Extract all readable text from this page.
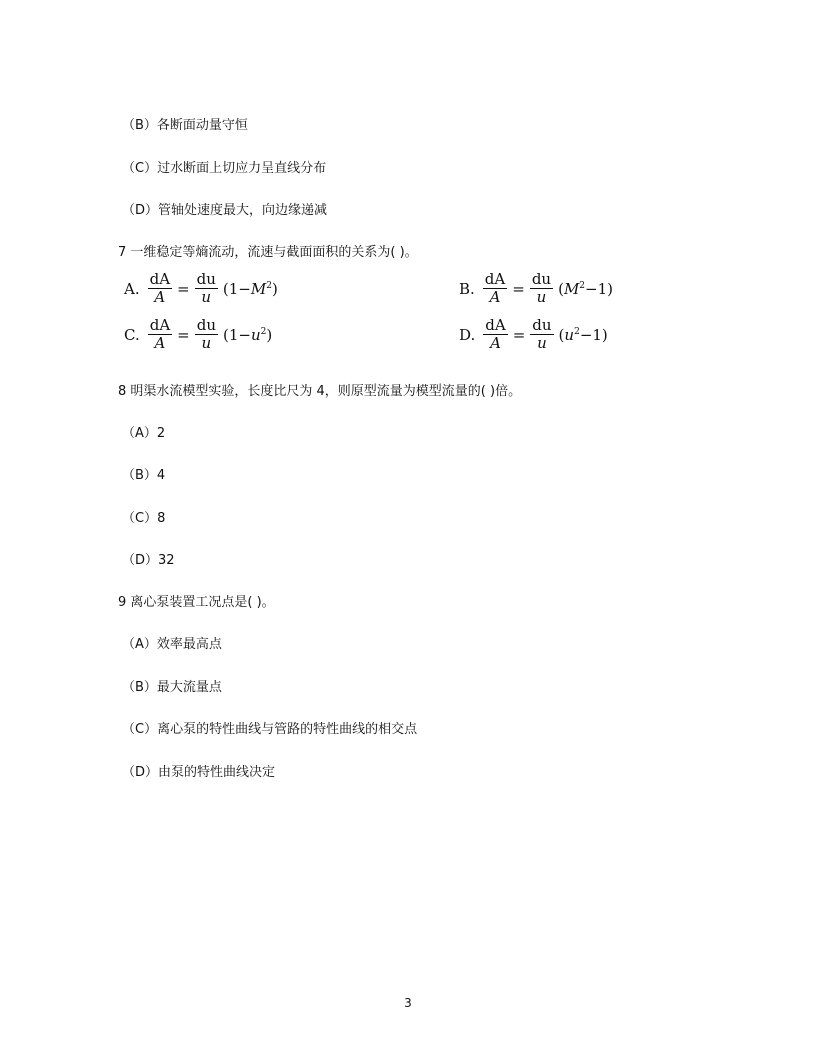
（B）各断面动量守恒
（C）过水断面上切应力呈直线分布
（D）管轴处速度最大，向边缘递减
7 一维稳定等熵流动，流速与截面面积的关系为( )。
A. $\frac{dA}{A} = \frac{du}{u} (1-M^2)$	B. $\frac{dA}{A} = \frac{du}{u} (M^2-1)$
C. $\frac{dA}{A} = \frac{du}{u} (1-u^2)$	D. $\frac{dA}{A} = \frac{du}{u} (u^2-1)$
8 明渠水流模型实验，长度比尺为 4，则原型流量为模型流量的( )倍。
（A）2
（B）4
（C）8
（D）32
9 离心泵装置工况点是( )。
（A）效率最高点
（B）最大流量点
（C）离心泵的特性曲线与管路的特性曲线的相交点
（D）由泵的特性曲线决定
3
